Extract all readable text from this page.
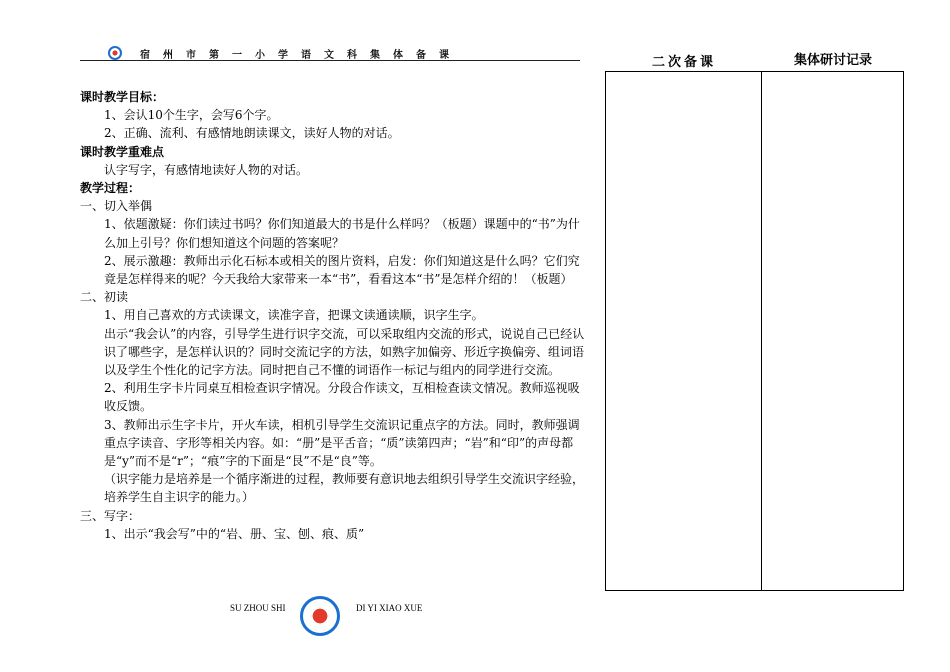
宿州市第一小学语文科集体备课

课时教学目标：

1、会认10个生字，会写6个字。

2、正确、流利、有感情地朗读课文，读好人物的对话。

课时教学重难点

认字写字，有感情地读好人物的对话。

教学过程：

一、切入举偶

1、依题激疑：你们读过书吗？你们知道最大的书是什么样吗？（板题）课题中的“书”为什么加上引号？你们想知道这个问题的答案呢？

2、展示激趣：教师出示化石标本或相关的图片资料，启发：你们知道这是什么吗？它们究竟是怎样得来的呢？今天我给大家带来一本“书”，看看这本“书”是怎样介绍的！（板题）

二、初读

1、用自己喜欢的方式读课文，读准字音，把课文读通读顺，识字生字。

出示“我会认”的内容，引导学生进行识字交流，可以采取组内交流的形式，说说自己已经认识了哪些字，是怎样认识的？同时交流记字的方法，如熟字加偏旁、形近字换偏旁、组词语以及学生个性化的记字方法。同时把自己不懂的词语作一标记与组内的同学进行交流。

2、利用生字卡片同桌互相检查识字情况。分段合作读文，互相检查读文情况。教师巡视吸收反馈。

3、教师出示生字卡片，开火车读，相机引导学生交流识记重点字的方法。同时，教师强调重点字读音、字形等相关内容。如：“册”是平舌音；“质”读第四声；“岩”和“印”的声母都是“y”而不是“r”；“痕”字的下面是“艮”不是“良”等。

（识字能力是培养是一个循序渐进的过程，教师要有意识地去组织引导学生交流识字经验，培养学生自主识字的能力。）

三、写字：

1、出示“我会写”中的“岩、册、宝、刨、痕、质”

SU ZHOU SHI	DI YI XIAO XUE
二次备课	集体研讨记录
